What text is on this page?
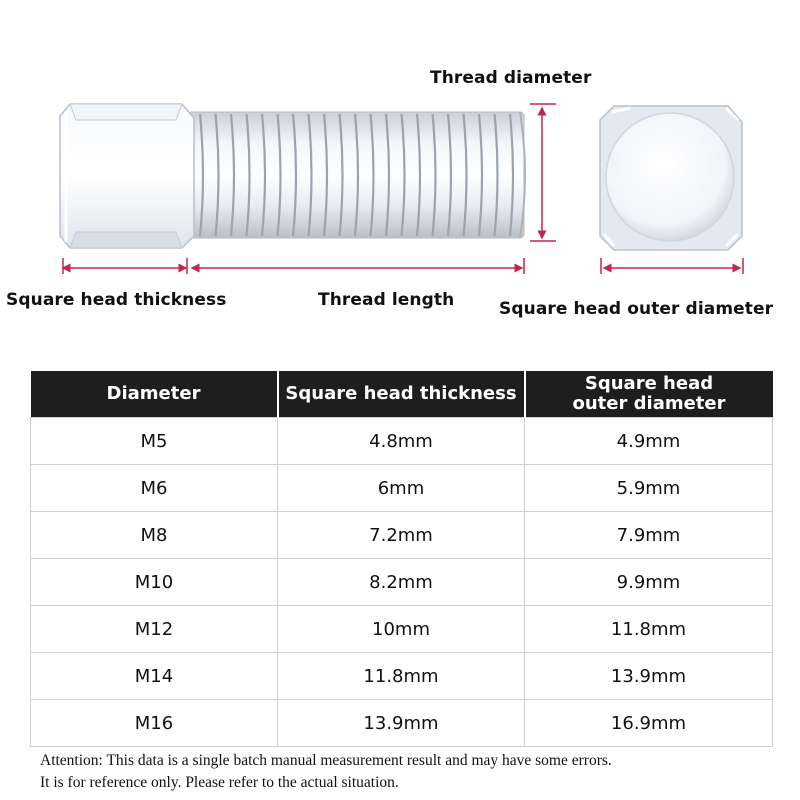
Thread diameter
Square head thickness	Thread length	Square head outer diameter
Diameter	Square head thickness	Square head outer diameter
M5	4.8mm	4.9mm
M6	6mm	5.9mm
M8	7.2mm	7.9mm
M10	8.2mm	9.9mm
M12	10mm	11.8mm
M14	11.8mm	13.9mm
M16	13.9mm	16.9mm
Attention: This data is a single batch manual measurement result and may have some errors.
It is for reference only. Please refer to the actual situation.
